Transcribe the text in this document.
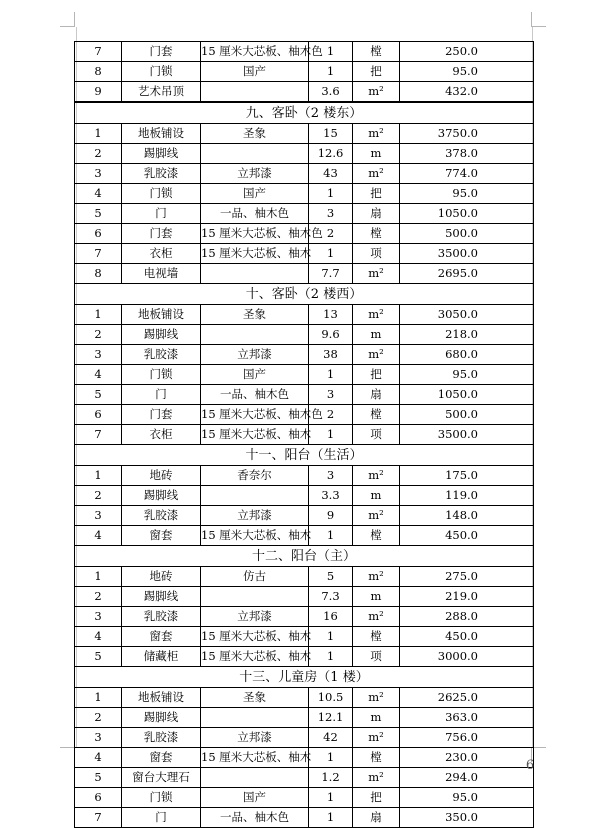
7	门套	15 厘米大芯板、柚木色	1	樘	250.0
8	门锁	国产	1	把	95.0
9	艺术吊顶		3.6	m²	432.0
九、客卧（2 楼东）					
1	地板铺设	圣象	15	m²	3750.0
2	踢脚线		12.6	m	378.0
3	乳胶漆	立邦漆	43	m²	774.0
4	门锁	国产	1	把	95.0
5	门	一品、柚木色	3	扇	1050.0
6	门套	15 厘米大芯板、柚木色	2	樘	500.0
7	衣柜	15 厘米大芯板、柚木	1	项	3500.0
8	电视墙		7.7	m²	2695.0
十、客卧（2 楼西）					
1	地板铺设	圣象	13	m²	3050.0
2	踢脚线		9.6	m	218.0
3	乳胶漆	立邦漆	38	m²	680.0
4	门锁	国产	1	把	95.0
5	门	一品、柚木色	3	扇	1050.0
6	门套	15 厘米大芯板、柚木色	2	樘	500.0
7	衣柜	15 厘米大芯板、柚木	1	项	3500.0
十一、阳台（生活）					
1	地砖	香奈尔	3	m²	175.0
2	踢脚线		3.3	m	119.0
3	乳胶漆	立邦漆	9	m²	148.0
4	窗套	15 厘米大芯板、柚木	1	樘	450.0
十二、阳台（主）					
1	地砖	仿古	5	m²	275.0
2	踢脚线		7.3	m	219.0
3	乳胶漆	立邦漆	16	m²	288.0
4	窗套	15 厘米大芯板、柚木	1	樘	450.0
5	储藏柜	15 厘米大芯板、柚木	1	项	3000.0
十三、儿童房（1 楼）					
1	地板铺设	圣象	10.5	m²	2625.0
2	踢脚线		12.1	m	363.0
3	乳胶漆	立邦漆	42	m²	756.0
4	窗套	15 厘米大芯板、柚木	1	樘	230.0
5	窗台大理石		1.2	m²	294.0
6	门锁	国产	1	把	95.0
7	门	一品、柚木色	1	扇	350.0
6
